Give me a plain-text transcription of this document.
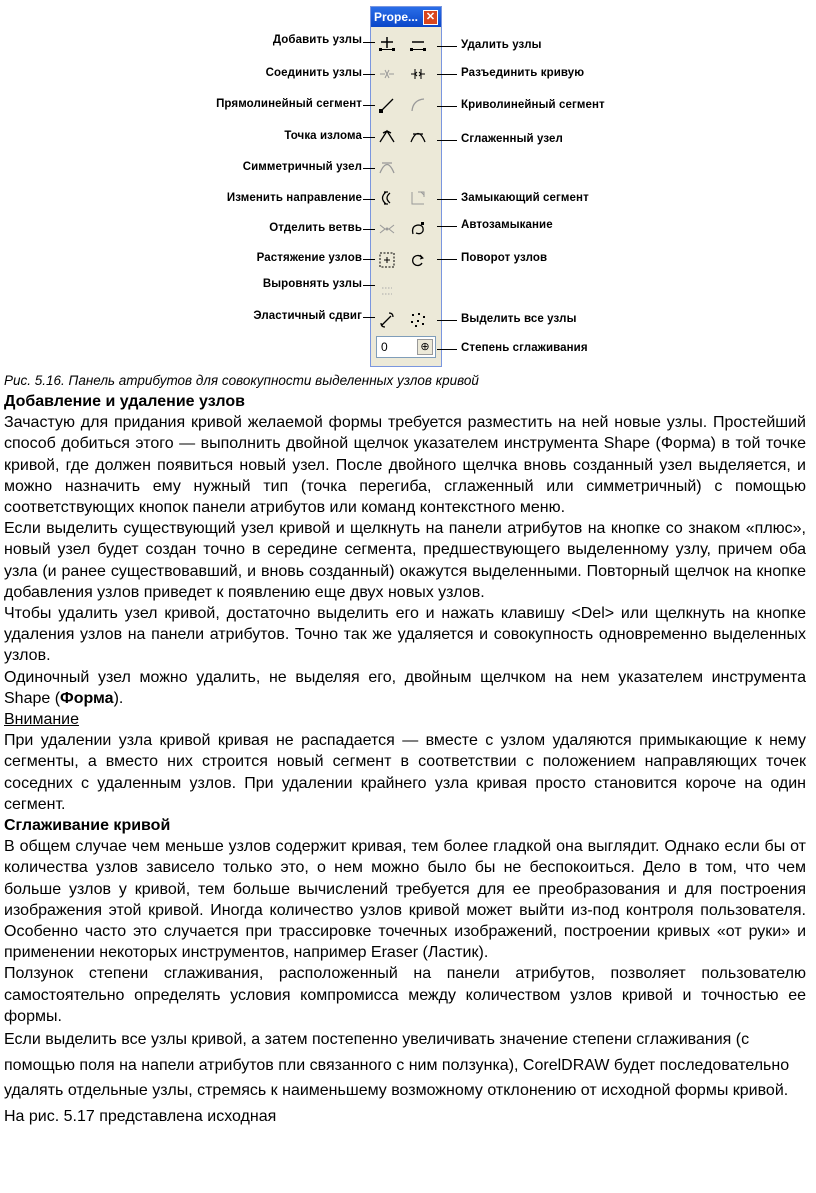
Prope... ✕
0	⊕
Добавить узлы
Соединить узлы
Прямолинейный сегмент
Точка излома
Симметричный узел
Изменить направление
Отделить ветвь
Растяжение узлов
Выровнять узлы
Эластичный сдвиг
Удалить узлы
Разъединить кривую
Криволинейный сегмент
Сглаженный узел
Замыкающий сегмент
Автозамыкание
Поворот узлов
Выделить все узлы
Степень сглаживания
Рис. 5.16. Панель атрибутов для совокупности выделенных узлов кривой
Добавление и удаление узлов

Зачастую для придания кривой желаемой формы требуется разместить на ней новые узлы. Простейший способ добиться этого — выполнить двойной щелчок указателем инструмента Shape (Форма) в той точке кривой, где должен появиться новый узел. После двойного щелчка вновь созданный узел выделяется, и можно назначить ему нужный тип (точка перегиба, сглаженный или симметричный) с помощью соответствующих кнопок панели атрибутов или команд контекстного меню.

Если выделить существующий узел кривой и щелкнуть на панели атрибутов на кнопке со знаком «плюс», новый узел будет создан точно в середине сегмента, предшествующего выделенному узлу, причем оба узла (и ранее существовавший, и вновь созданный) окажутся выделенными. Повторный щелчок на кнопке добавления узлов приведет к появлению еще двух новых узлов.

Чтобы удалить узел кривой, достаточно выделить его и нажать клавишу <Del> или щелкнуть на кнопке удаления узлов на панели атрибутов. Точно так же удаляется и совокупность одновременно выделенных узлов.

Одиночный узел можно удалить, не выделяя его, двойным щелчком на нем указателем инструмента Shape (Форма).

Внимание

При удалении узла кривой кривая не распадается — вместе с узлом удаляются примыкающие к нему сегменты, а вместо них строится новый сегмент в соответствии с положением направляющих точек соседних с удаленным узлов. При удалении крайнего узла кривая просто становится короче на один сегмент.

Сглаживание кривой

В общем случае чем меньше узлов содержит кривая, тем более гладкой она выглядит. Однако если бы от количества узлов зависело только это, о нем можно было бы не беспокоиться. Дело в том, что чем больше узлов у кривой, тем больше вычислений требуется для ее преобразования и для построения изображения этой кривой. Иногда количество узлов кривой может выйти из-под контроля пользователя. Особенно часто это случается при трассировке точечных изображений, построении кривых «от руки» и применении некоторых инструментов, например Eraser (Ластик).

Ползунок степени сглаживания, расположенный на панели атрибутов, позволяет пользователю самостоятельно определять условия компромисса между количеством узлов кривой и точностью ее формы.

Если выделить все узлы кривой, а затем постепенно увеличивать значение степени сглаживания (с помощью поля на напели атрибутов пли связанного с ним ползунка), CorelDRAW будет последовательно удалять отдельные узлы, стремясь к наименьшему возможному отклонению от исходной формы кривой. На рис. 5.17 представлена исходная
